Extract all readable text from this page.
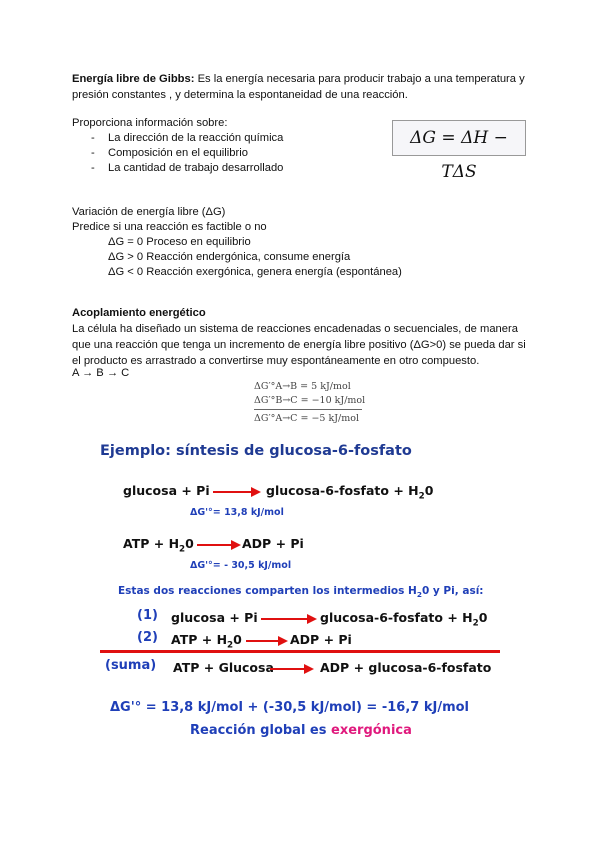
Energía libre de Gibbs: Es la energía necesaria para producir trabajo a una temperatura y
presión constantes , y determina la espontaneidad de una reacción.
Proporciona información sobre:
- La dirección de la reacción química
- Composición en el equilibrio
- La cantidad de trabajo desarrollado
ΔG = ΔH − TΔS
Variación de energía libre (ΔG)
Predice si una reacción es factible o no
ΔG = 0 Proceso en equilibrio
ΔG > 0 Reacción endergónica, consume energía
ΔG < 0 Reacción exergónica, genera energía (espontánea)
Acoplamiento energético
La célula ha diseñado un sistema de reacciones encadenadas o secuenciales, de manera
que una reacción que tenga un incremento de energía libre positivo (ΔG>0) se pueda dar si
el producto es arrastrado a convertirse muy espontáneamente en otro compuesto.
A → B → C
ΔG′°A→B = 5 kJ/mol
ΔG′°B→C = −10 kJ/mol
ΔG′°A→C = −5 kJ/mol
Ejemplo: síntesis de glucosa-6-fosfato
glucosa + Pi → glucosa-6-fosfato + $H_20$
ΔG'°= 13,8 kJ/mol
ATP + $H_20$ → ADP + Pi
ΔG'°= - 30,5 kJ/mol
Estas dos reacciones comparten los intermedios $H_20$ y Pi, así:
(1) glucosa + Pi → glucosa-6-fosfato + $H_20$
(2) ATP + $H_20$ → ADP + Pi
(suma) ATP + Glucosa → ADP + glucosa-6-fosfato
ΔG'° = 13,8 kJ/mol + (-30,5 kJ/mol) = -16,7 kJ/mol
Reacción global es exergónica
